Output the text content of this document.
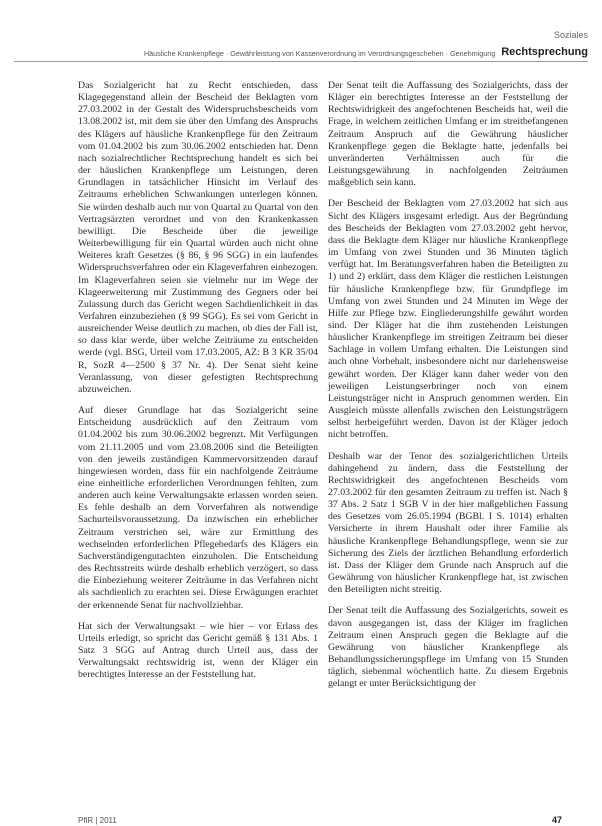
Soziales
Häusliche Krankenpflege · Gewährleistung von Kassenverordnung im Verordnungsgeschehen · Genehmigung Rechtsprechung

Das Sozialgericht hat zu Recht entschieden, dass Klagegegenstand allein der Bescheid der Beklagten vom 27.03.2002 in der Gestalt des Widerspruchsbescheids vom 13.08.2002 ist, mit dem sie über den Umfang des Anspruchs des Klägers auf häusliche Krankenpflege für den Zeitraum vom 01.04.2002 bis zum 30.06.2002 entschieden hat. Denn nach sozialrechtlicher Rechtsprechung handelt es sich bei der häuslichen Krankenpflege um Leistungen, deren Grundlagen in tatsächlicher Hinsicht im Verlauf des Zeitraums erheblichen Schwankungen unterlegen können. Sie würden deshalb auch nur von Quartal zu Quartal von den Vertragsärzten verordnet und von den Krankenkassen bewilligt. Die Bescheide über die jeweilige Weiterbewilligung für ein Quartal würden auch nicht ohne Weiteres kraft Gesetzes (§ 86, § 96 SGG) in ein laufendes Widerspruchsverfahren oder ein Klageverfahren einbezogen. Im Klageverfahren seien sie vielmehr nur im Wege der Klageerweiterung mit Zustimmung des Gegners oder bei Zulassung durch das Gericht wegen Sachdienlichkeit in das Verfahren einzubeziehen (§ 99 SGG). Es sei vom Gericht in ausreichender Weise deutlich zu machen, ob dies der Fall ist, so dass klar werde, über welche Zeiträume zu entscheiden werde (vgl. BSG, Urteil vom 17.03.2005, AZ: B 3 KR 35/04 R, SozR 4—2500 § 37 Nr. 4). Der Senat sieht keine Veranlassung, von dieser gefestigten Rechtsprechung abzuweichen.

Auf dieser Grundlage hat das Sozialgericht seine Entscheidung ausdrücklich auf den Zeitraum vom 01.04.2002 bis zum 30.06.2002 begrenzt. Mit Verfügungen vom 21.11.2005 und vom 23.08.2006 sind die Beteiligten von den jeweils zuständigen Kammervorsitzenden darauf hingewiesen worden, dass für ein nachfolgende Zeiträume eine einheitliche erforderlichen Verordnungen fehlten, zum anderen auch keine Verwaltungsakte erlassen worden seien. Es fehle deshalb an dem Vorverfahren als notwendige Sachurteilsvoraussetzung. Da inzwischen ein erheblicher Zeitraum verstrichen sei, wäre zur Ermittlung des wechselnden erforderlichen Pflegebedarfs des Klägers ein Sachverständigengutachten einzuholen. Die Entscheidung des Rechtsstreits würde deshalb erheblich verzögert, so dass die Einbeziehung weiterer Zeiträume in das Verfahren nicht als sachdienlich zu erachten sei. Diese Erwägungen erachtet der erkennende Senat für nachvollziehbar.

Hat sich der Verwaltungsakt – wie hier – vor Erlass des Urteils erledigt, so spricht das Gericht gemäß § 131 Abs. 1 Satz 3 SGG auf Antrag durch Urteil aus, dass der Verwaltungsakt rechtswidrig ist, wenn der Kläger ein berechtigtes Interesse an der Feststellung hat.

Der Senat teilt die Auffassung des Sozialgerichts, dass der Kläger ein berechtigtes Interesse an der Feststellung der Rechtswidrigkeit des angefochtenen Bescheids hat, weil die Frage, in welchem zeitlichen Umfang er im streitbefangenen Zeitraum Anspruch auf die Gewährung häuslicher Krankenpflege gegen die Beklagte hatte, jedenfalls bei unveränderten Verhältnissen auch für die Leistungsgewährung in nachfolgenden Zeiträumen maßgeblich sein kann.

Der Bescheid der Beklagten vom 27.03.2002 hat sich aus Sicht des Klägers insgesamt erledigt. Aus der Begründung des Bescheids der Beklagten vom 27.03.2002 geht hervor, dass die Beklagte dem Kläger nur häusliche Krankenpflege im Umfang von zwei Stunden und 36 Minuten täglich verfügt hat. Im Beratungsverfahren haben die Beteiligten zu 1) und 2) erklärt, dass dem Kläger die restlichen Leistungen für häusliche Krankenpflege bzw. für Grundpflege im Umfang von zwei Stunden und 24 Minuten im Wege der Hilfe zur Pflege bzw. Eingliederungshilfe gewährt worden sind. Der Kläger hat die ihm zustehenden Leistungen häuslicher Krankenpflege im streitigen Zeitraum bei dieser Sachlage in vollem Umfang erhalten. Die Leistungen sind auch ohne Vorbehalt, insbesondere nicht nur darlehensweise gewährt worden. Der Kläger kann daher weder von den jeweiligen Leistungserbringer noch von einem Leistungsträger nicht in Anspruch genommen werden. Ein Ausgleich müsste allenfalls zwischen den Leistungsträgern selbst herbeigeführt werden. Davon ist der Kläger jedoch nicht betroffen.

Deshalb war der Tenor des sozialgerichtlichen Urteils dahingehend zu ändern, dass die Feststellung der Rechtswidrigkeit des angefochtenen Bescheids vom 27.03.2002 für den gesamten Zeitraum zu treffen ist. Nach § 37 Abs. 2 Satz 1 SGB V in der hier maßgeblichen Fassung des Gesetzes vom 26.05.1994 (BGBl. I S. 1014) erhalten Versicherte in ihrem Haushalt oder ihrer Familie als häusliche Krankenpflege Behandlungspflege, wenn sie zur Sicherung des Ziels der ärztlichen Behandlung erforderlich ist. Dass der Kläger dem Grunde nach Anspruch auf die Gewährung von häuslicher Krankenpflege hat, ist zwischen den Beteiligten nicht streitig.

Der Senat teilt die Auffassung des Sozialgerichts, soweit es davon ausgegangen ist, dass der Kläger im fraglichen Zeitraum einen Anspruch gegen die Beklagte auf die Gewährung von häuslicher Krankenpflege als Behandlungssicherungspflege im Umfang von 15 Stunden täglich, siebenmal wöchentlich hatte. Zu diesem Ergebnis gelangt er unter Berücksichtigung der

PflR | 2011	47
